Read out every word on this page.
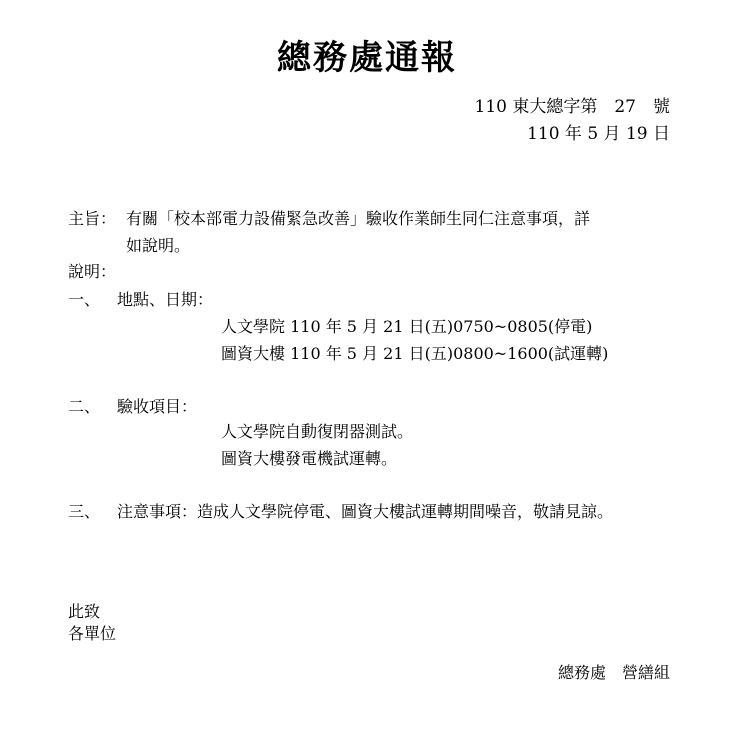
總務處通報
110 東大總字第　27　號
110 年 5 月 19 日
主旨： 有關「校本部電力設備緊急改善」驗收作業師生同仁注意事項，詳
如說明。
說明：
一、 地點、日期：
人文學院 110 年 5 月 21 日(五)0750~0805(停電)
圖資大樓 110 年 5 月 21 日(五)0800~1600(試運轉)
二、 驗收項目：
人文學院自動復閉器測試。
圖資大樓發電機試運轉。
三、 注意事項：造成人文學院停電、圖資大樓試運轉期間噪音，敬請見諒。
此致
各單位
總務處　營繕組
